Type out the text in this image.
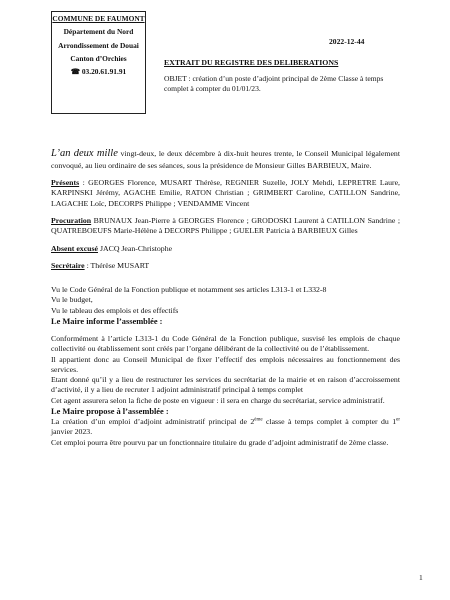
COMMUNE DE FAUMONT
Département du Nord
Arrondissement de Douai
Canton d’Orchies
☎ 03.20.61.91.91
2022-12-44
EXTRAIT DU REGISTRE DES DELIBERATIONS
OBJET : création d’un poste d’adjoint principal de 2ème Classe à temps complet à compter du 01/01/23.

L’an deux mille vingt-deux, le deux décembre à dix-huit heures trente, le Conseil Municipal légalement convoqué, au lieu ordinaire de ses séances, sous la présidence de Monsieur Gilles BARBIEUX, Maire.

Présents : GEORGES Florence, MUSART Thérèse, REGNIER Suzelle, JOLY Mehdi, LEPRETRE Laure, KARPINSKI Jérémy, AGACHE Emilie, RATON Christian ; GRIMBERT Caroline, CATILLON Sandrine, LAGACHE Loïc, DECORPS Philippe ; VENDAMME Vincent

Procuration BRUNAUX Jean-Pierre à GEORGES Florence ; GRODOSKI Laurent à CATILLON Sandrine ; QUATREBOEUFS Marie-Hélène à DECORPS Philippe ; GUELER Patricia à BARBIEUX Gilles

Absent excusé JACQ Jean-Christophe

Secrétaire : Thérèse MUSART

Vu le Code Général de la Fonction publique et notamment ses articles L313-1 et L332-8

Vu le budget,

Vu le tableau des emplois et des effectifs

Le Maire informe l’assemblée :

Conformément à l’article L313-1 du Code Général de la Fonction publique, susvisé les emplois de chaque collectivité ou établissement sont créés par l’organe délibérant de la collectivité ou de l’établissement.

Il appartient donc au Conseil Municipal de fixer l’effectif des emplois nécessaires au fonctionnement des services.

Etant donné qu’il y a lieu de restructurer les services du secrétariat de la mairie et en raison d’accroissement d’activité, il y a lieu de recruter 1 adjoint administratif principal à temps complet

Cet agent assurera selon la fiche de poste en vigueur : il sera en charge du secrétariat, service administratif.

Le Maire propose à l’assemblée :

La création d’un emploi d’adjoint administratif principal de 2ème classe à temps complet à compter du 1er janvier 2023.

Cet emploi pourra être pourvu par un fonctionnaire titulaire du grade d’adjoint administratif de 2ème classe.

1
